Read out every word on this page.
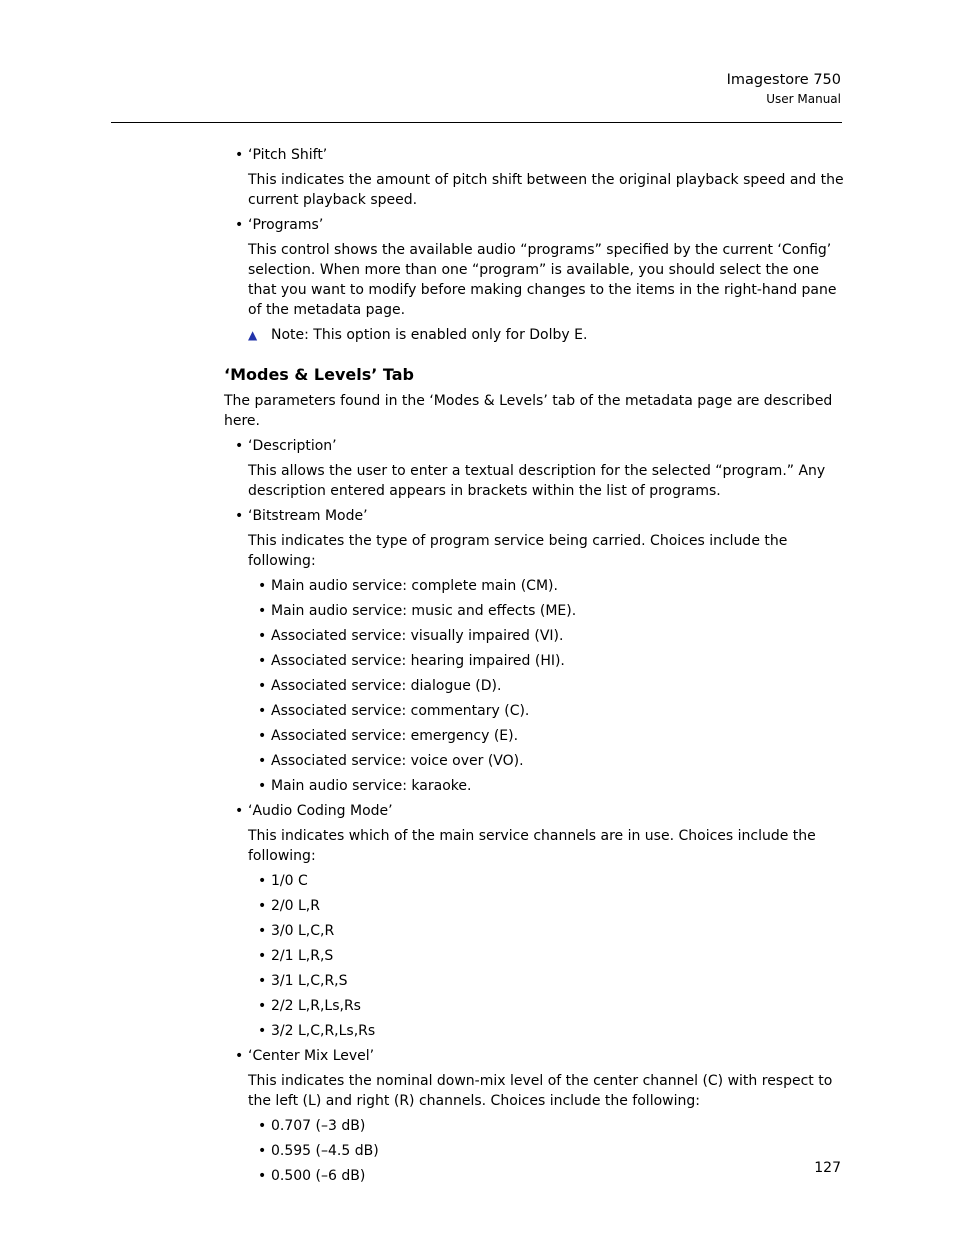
Imagestore 750
User Manual
• ‘Pitch Shift’
This indicates the amount of pitch shift between the original playback speed and the current playback speed.
• ‘Programs’
This control shows the available audio “programs” specified by the current ‘Config’ selection. When more than one “program” is available, you should select the one that you want to modify before making changes to the items in the right-hand pane of the metadata page.
▲ Note: This option is enabled only for Dolby E.
‘Modes & Levels’ Tab
The parameters found in the ‘Modes & Levels’ tab of the metadata page are described here.
• ‘Description’
This allows the user to enter a textual description for the selected “program.” Any description entered appears in brackets within the list of programs.
• ‘Bitstream Mode’
This indicates the type of program service being carried. Choices include the following:
• Main audio service: complete main (CM).
• Main audio service: music and effects (ME).
• Associated service: visually impaired (VI).
• Associated service: hearing impaired (HI).
• Associated service: dialogue (D).
• Associated service: commentary (C).
• Associated service: emergency (E).
• Associated service: voice over (VO).
• Main audio service: karaoke.
• ‘Audio Coding Mode’
This indicates which of the main service channels are in use. Choices include the following:
• 1/0 C
• 2/0 L,R
• 3/0 L,C,R
• 2/1 L,R,S
• 3/1 L,C,R,S
• 2/2 L,R,Ls,Rs
• 3/2 L,C,R,Ls,Rs
• ‘Center Mix Level’
This indicates the nominal down-mix level of the center channel (C) with respect to the left (L) and right (R) channels. Choices include the following:
• 0.707 (–3 dB)
• 0.595 (–4.5 dB)
• 0.500 (–6 dB)	127
